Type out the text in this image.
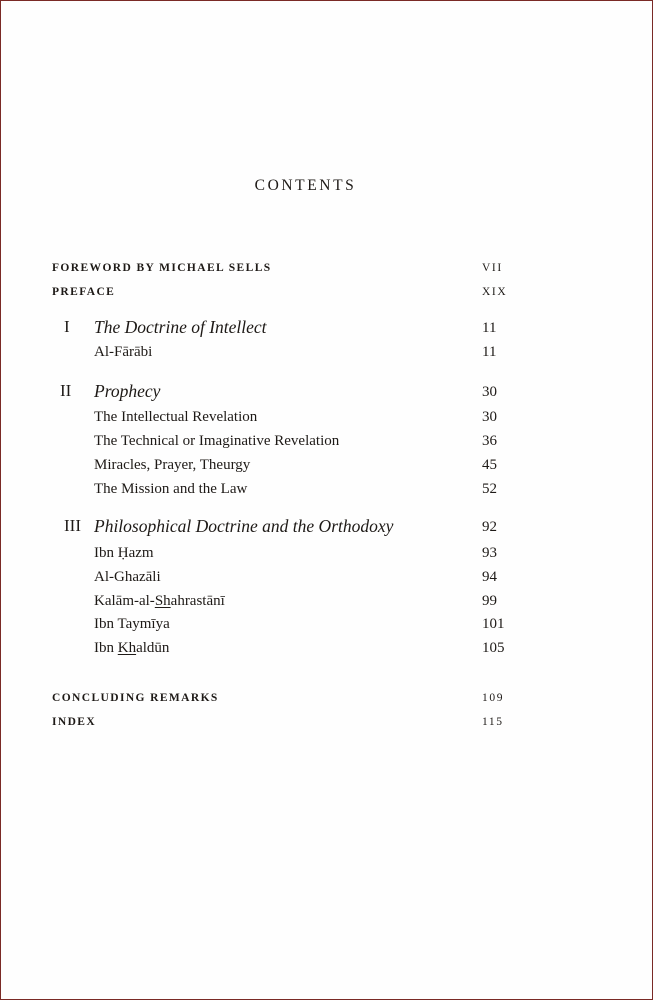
CONTENTS
FOREWORD BY MICHAEL SELLS	VII
PREFACE	XIX
I The Doctrine of Intellect	11
Al-Fārābi	11
II Prophecy	30
The Intellectual Revelation	30
The Technical or Imaginative Revelation	36
Miracles, Prayer, Theurgy	45
The Mission and the Law	52
III Philosophical Doctrine and the Orthodoxy	92
Ibn Ḥazm	93
Al-Ghazāli	94
Kalām-al-Shahrastānī	99
Ibn Taymīya	101
Ibn Khaldūn	105
CONCLUDING REMARKS	109
INDEX	115
